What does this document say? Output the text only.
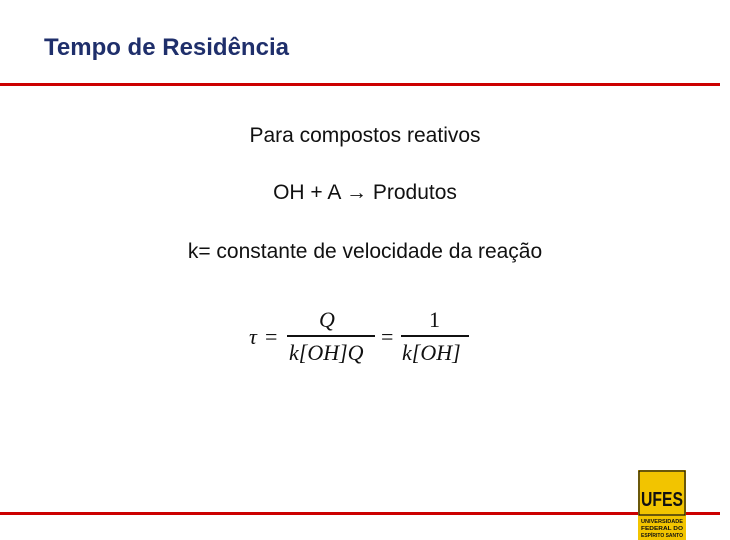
Tempo de Residência
Para compostos reativos
OH + A → Produtos
k= constante de velocidade da reação
τ =
Q
k[OH]Q
=
1
k[OH]
UFES
UNIVERSIDADE
FEDERAL DO
ESPÍRITO SANTO
